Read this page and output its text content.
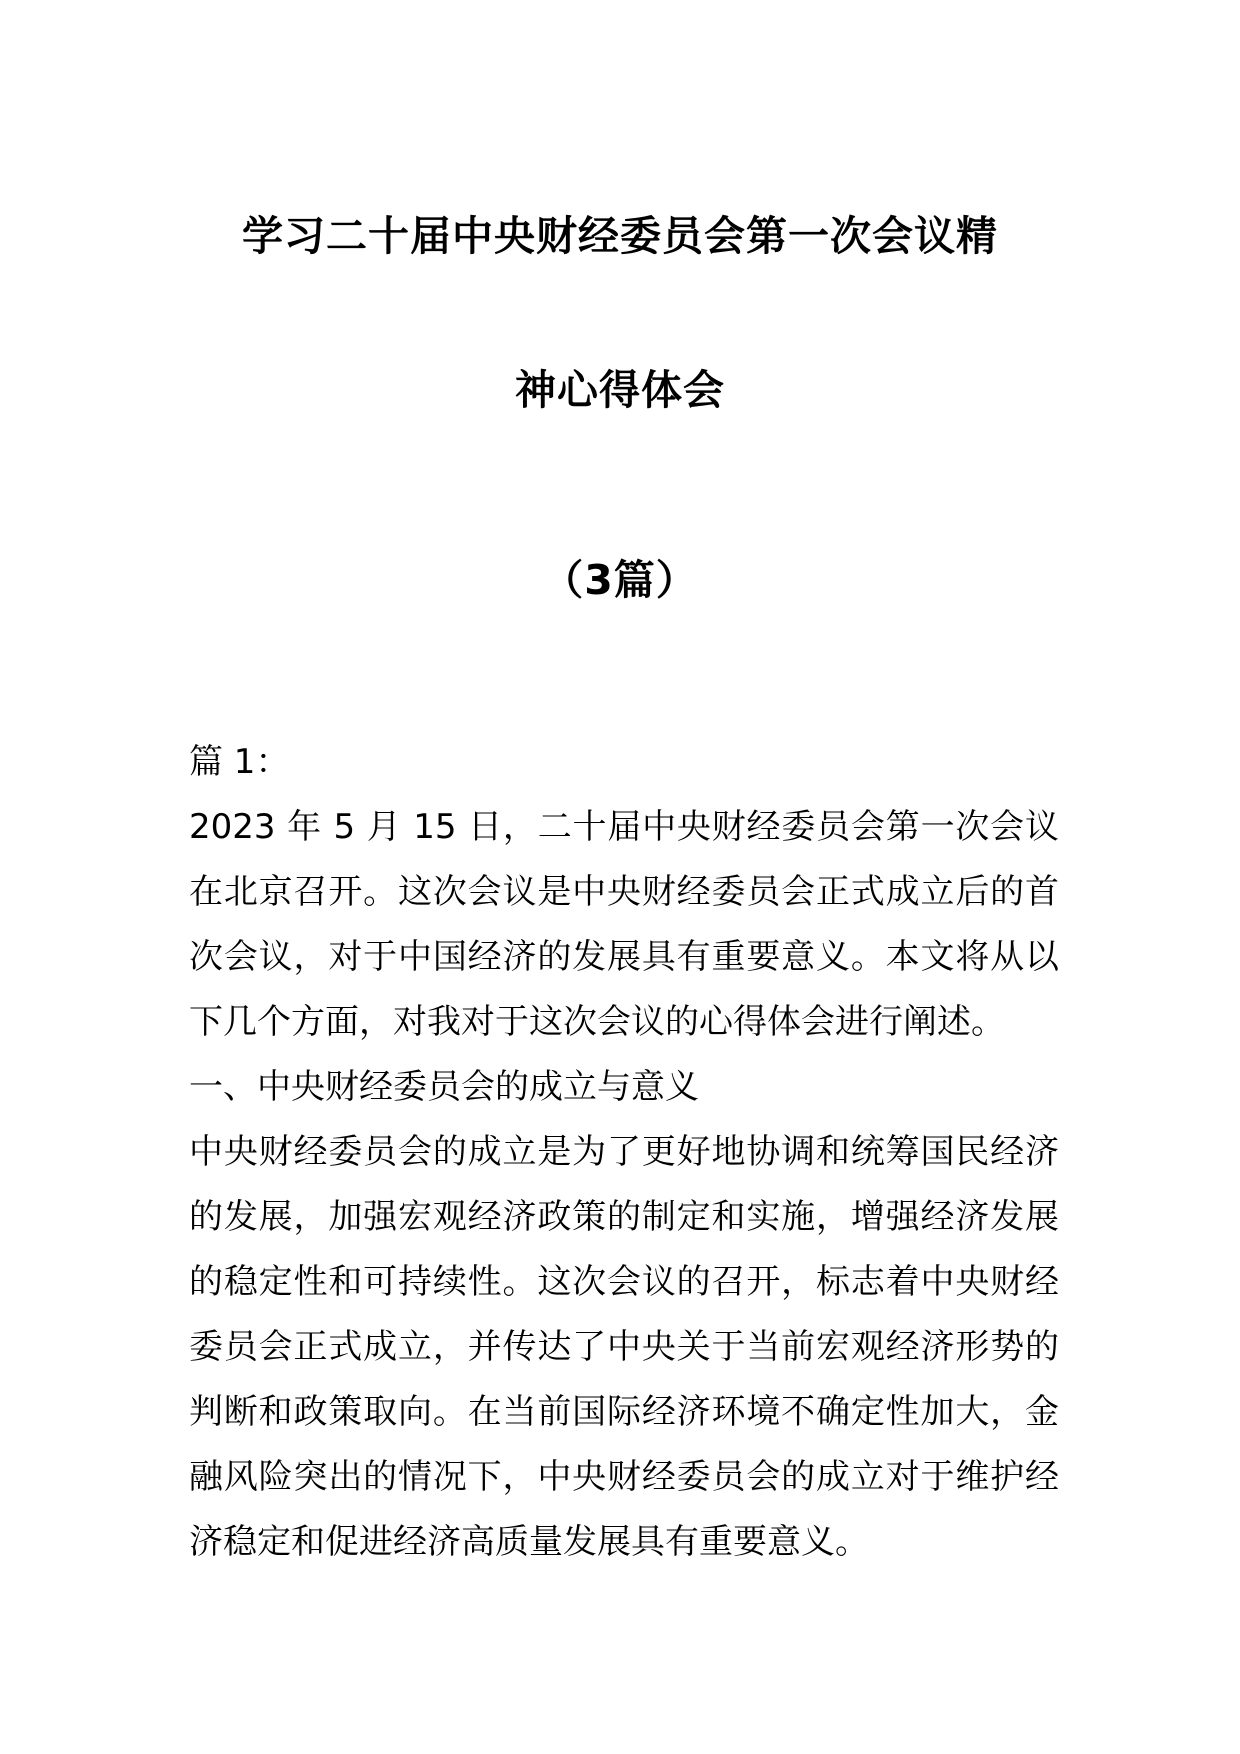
学习二十届中央财经委员会第一次会议精
神心得体会
（3篇）

篇 1：

2023 年 5 月 15 日，二十届中央财经委员会第一次会议在北京召开。这次会议是中央财经委员会正式成立后的首次会议，对于中国经济的发展具有重要意义。本文将从以下几个方面，对我对于这次会议的心得体会进行阐述。

一、中央财经委员会的成立与意义

中央财经委员会的成立是为了更好地协调和统筹国民经济的发展，加强宏观经济政策的制定和实施，增强经济发展的稳定性和可持续性。这次会议的召开，标志着中央财经委员会正式成立，并传达了中央关于当前宏观经济形势的判断和政策取向。在当前国际经济环境不确定性加大，金融风险突出的情况下，中央财经委员会的成立对于维护经济稳定和促进经济高质量发展具有重要意义。
